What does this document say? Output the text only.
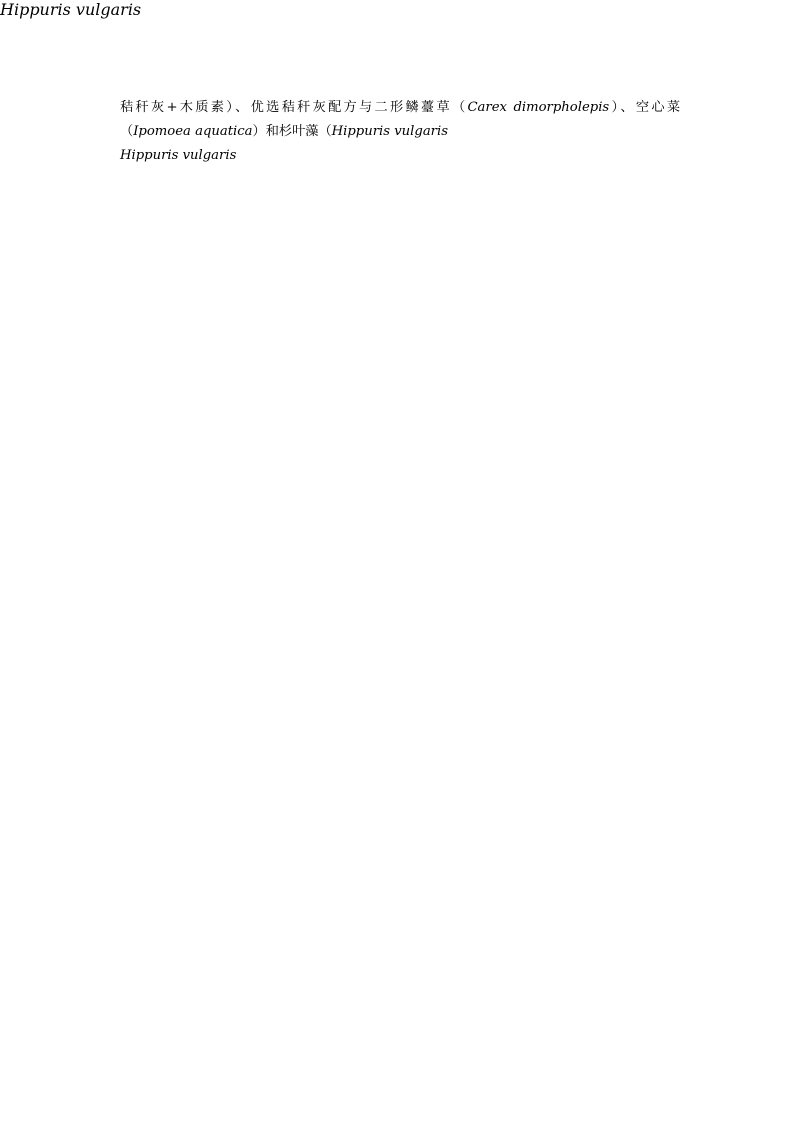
秸秆灰+木质素）、优选秸秆灰配方与二形鳞薹草（Carex dimorpholepis）、空心菜（Ipomoea aquatica）和杉叶藻（Hippuris vulgaris

Hippuris vulgaris
Hippuris vulgaris
